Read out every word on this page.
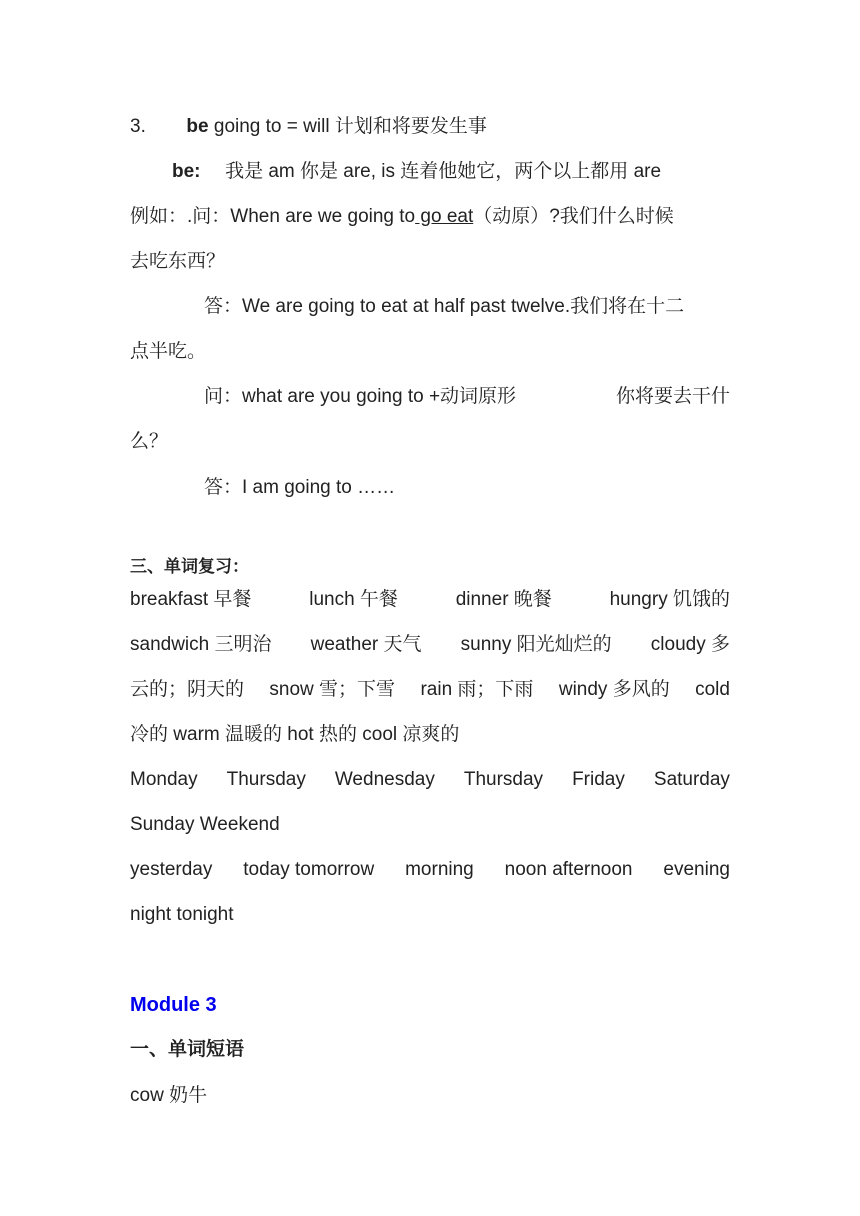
3. be going to = will 计划和将要发生事
be: 我是 am 你是 are, is 连着他她它，两个以上都用 are
例如：.问：When are we going to go eat（动原）?我们什么时候
去吃东西？
答：We are going to eat at half past twelve.我们将在十二
点半吃。
问：what are you going to +动词原形	你将要去干什
么？
答：I am going to ……
三、单词复习：
breakfast 早餐	lunch 午餐	dinner 晚餐	hungry 饥饿的
sandwich 三明治 weather 天气 sunny 阳光灿烂的 cloudy 多
云的；阴天的 snow 雪；下雪 rain 雨；下雨 windy 多风的 cold
冷的 warm 温暖的 hot 热的 cool 凉爽的
Monday Thursday Wednesday Thursday Friday Saturday
Sunday Weekend
yesterday today tomorrow morning noon afternoon evening
night tonight
Module 3
一、单词短语
cow 奶牛
